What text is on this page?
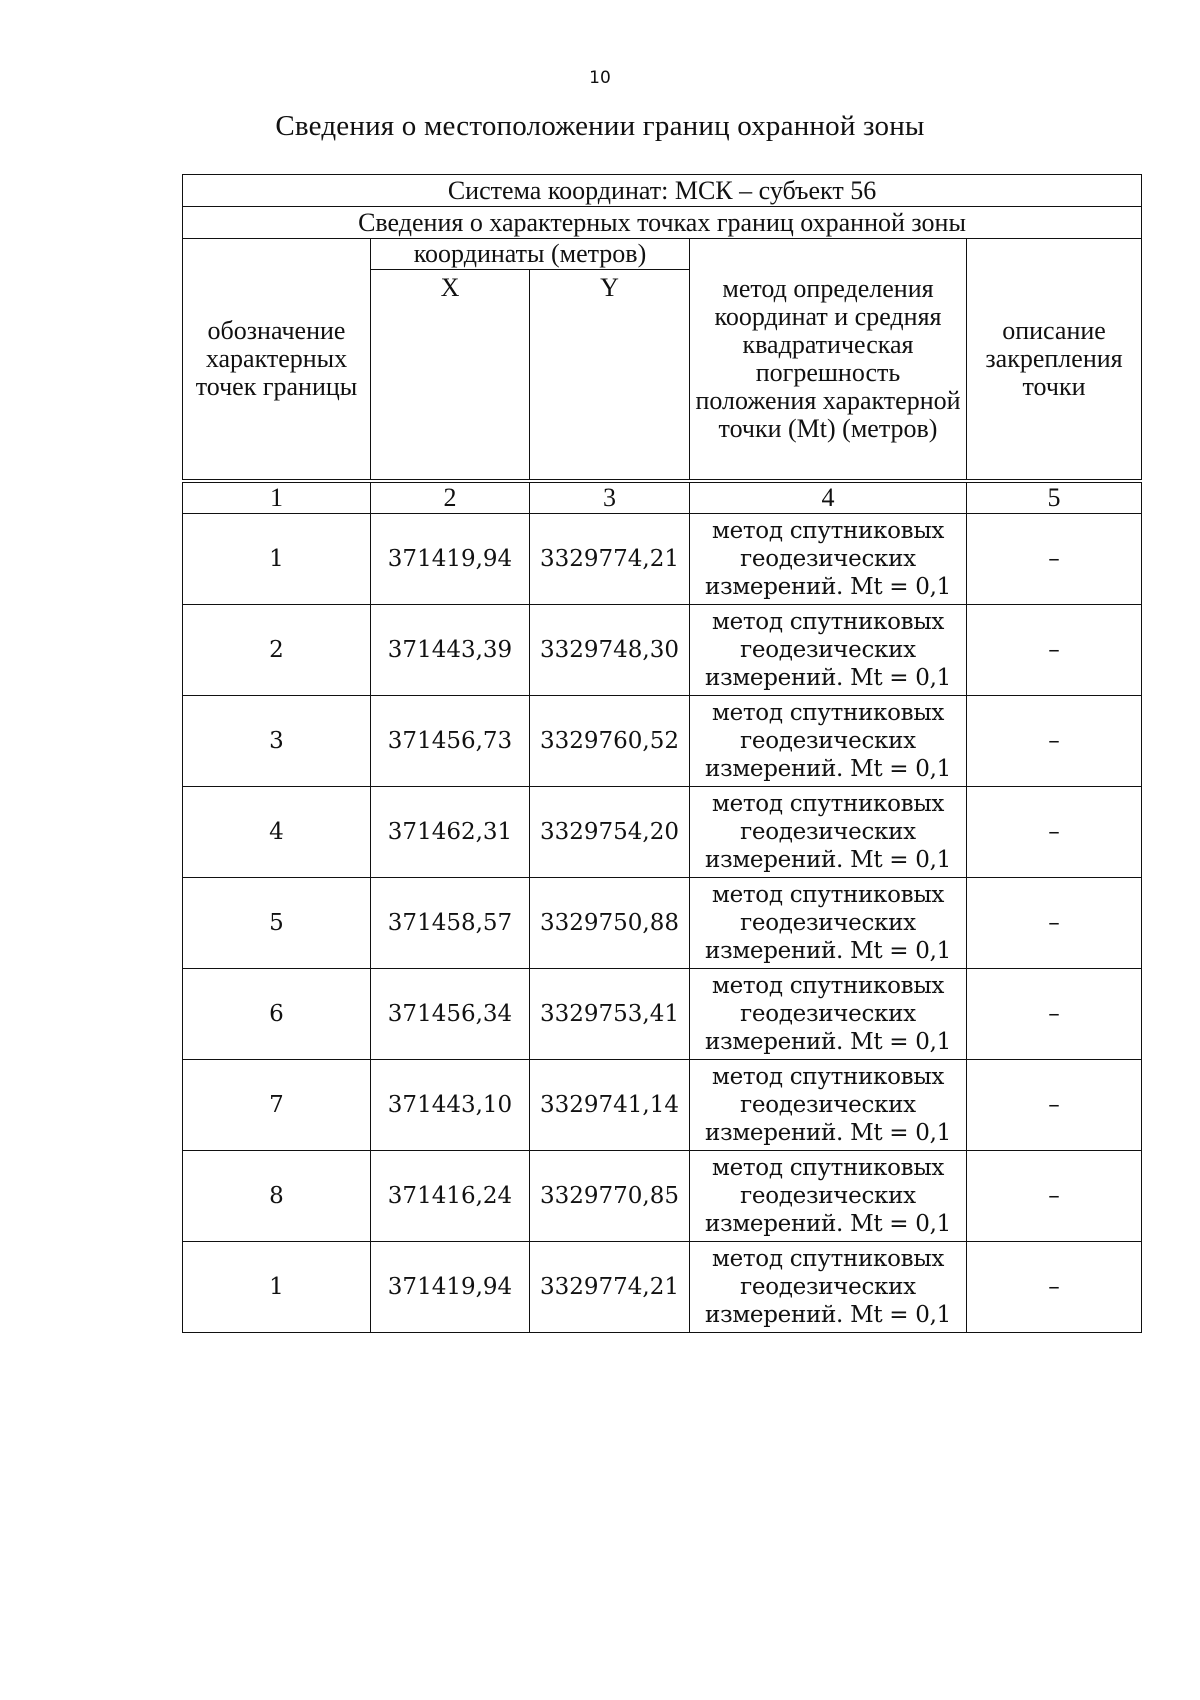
10
Сведения о местоположении границ охранной зоны
Система координат: МСК – субъект 56				
Сведения о характерных точках границ охранной зоны				
обозначение характерных точек границы	координаты (метров)		метод определения координат и средняя квадратическая погрешность положения характерной точки (Mt) (метров)	описание закрепления точки
	X	Y		
1	2	3	4	5
1	371419,94	3329774,21	метод спутниковых геодезических измерений. Mt = 0,1	–
2	371443,39	3329748,30	метод спутниковых геодезических измерений. Mt = 0,1	–
3	371456,73	3329760,52	метод спутниковых геодезических измерений. Mt = 0,1	–
4	371462,31	3329754,20	метод спутниковых геодезических измерений. Mt = 0,1	–
5	371458,57	3329750,88	метод спутниковых геодезических измерений. Mt = 0,1	–
6	371456,34	3329753,41	метод спутниковых геодезических измерений. Mt = 0,1	–
7	371443,10	3329741,14	метод спутниковых геодезических измерений. Mt = 0,1	–
8	371416,24	3329770,85	метод спутниковых геодезических измерений. Mt = 0,1	–
1	371419,94	3329774,21	метод спутниковых геодезических измерений. Mt = 0,1	–
